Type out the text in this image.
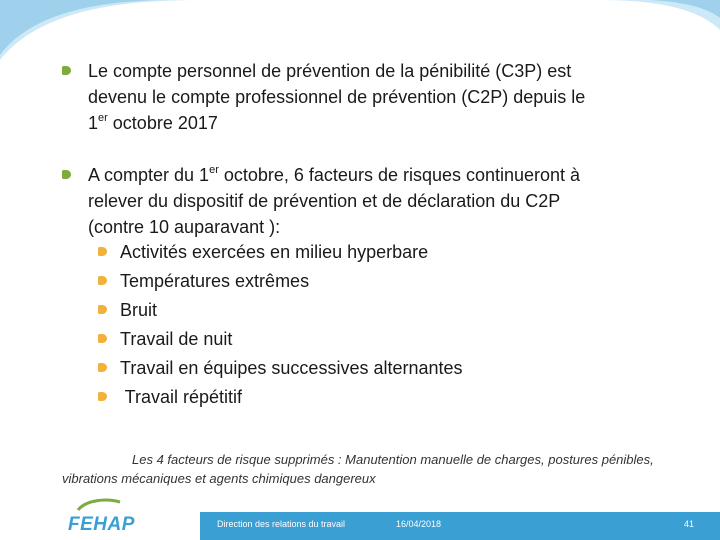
Le compte personnel de prévention de la pénibilité (C3P) est
devenu le compte professionnel de prévention (C2P) depuis le
1er octobre 2017
A compter du 1er octobre, 6 facteurs de risques continueront à
relever du dispositif de prévention et de déclaration du C2P
(contre 10 auparavant ):
Activités exercées en milieu hyperbare
Températures extrêmes
Bruit
Travail de nuit
Travail en équipes successives alternantes
Travail répétitif
Les 4 facteurs de risque supprimés : Manutention manuelle de charges, postures pénibles, vibrations mécaniques et agents chimiques dangereux
FEHAP	Direction des relations du travail	16/04/2018	41
